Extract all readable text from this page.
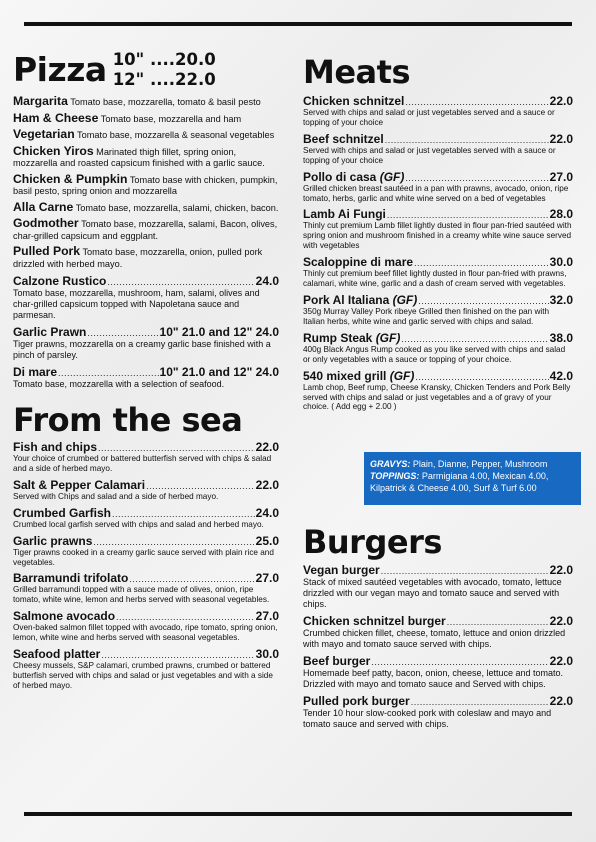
Pizza 10" ....20.0
12" ....22.0
Margarita Tomato base, mozzarella, tomato & basil pesto
Ham & Cheese Tomato base, mozzarella and ham
Vegetarian Tomato base, mozzarella & seasonal vegetables
Chicken Yiros Marinated thigh fillet, spring onion, mozzarella and roasted capsicum finished with a garlic sauce.
Chicken & Pumpkin Tomato base with chicken, pumpkin, basil pesto, spring onion and mozzarella
Alla Carne Tomato base, mozzarella, salami, chicken, bacon.
Godmother Tomato base, mozzarella, salami, Bacon, olives, char-grilled capsicum and eggplant.
Pulled Pork Tomato base, mozzarella, onion, pulled pork drizzled with herbed mayo.
Calzone Rustico .....	24.0
Tomato base, mozzarella, mushroom, ham, salami, olives and char-grilled capsicum topped with Napoletana sauce and parmesan.
Garlic Prawn .....	10" 21.0 and 12" 24.0
Tiger prawns, mozzarella on a creamy garlic base finished with a pinch of parsley.
Di mare .....	10" 21.0 and 12" 24.0
Tomato base, mozzarella with a selection of seafood.
From the sea
Fish and chips .....	22.0
Your choice of crumbed or battered butterfish served with chips & salad and a side of herbed mayo.
Salt & Pepper Calamari .....	22.0
Served with Chips and salad and a side of herbed mayo.
Crumbed Garfish .....	24.0
Crumbed local garfish served with chips and salad and herbed mayo.
Garlic prawns .....	25.0
Tiger prawns cooked in a creamy garlic sauce served with plain rice and vegetables.
Barramundi trifolato .....	27.0
Grilled barramundi topped with a sauce made of olives, onion, ripe tomato, white wine, lemon and herbs served with seasonal vegetables.
Salmone avocado .....	27.0
Oven-baked salmon fillet topped with avocado, ripe tomato, spring onion, lemon, white wine and herbs served with seasonal vegetables.
Seafood platter .....	30.0
Cheesy mussels, S&P calamari, crumbed prawns, crumbed or battered butterfish served with chips and salad or just vegetables and with a side of herbed mayo.
Meats
Chicken schnitzel .....	22.0
Served with chips and salad or just vegetables served and a sauce or topping of your choice
Beef schnitzel .....	22.0
Served with chips and salad or just vegetables served with a sauce or topping of your choice
Pollo di casa (GF) .....	27.0
Grilled chicken breast sautéed in a pan with prawns, avocado, onion, ripe tomato, herbs, garlic and white wine served on a bed of vegetables
Lamb Ai Fungi .....	28.0
Thinly cut premium Lamb fillet lightly dusted in flour pan-fried sautéed with spring onion and mushroom finished in a creamy white wine sauce served with vegetables
Scaloppine di mare .....	30.0
Thinly cut premium beef fillet lightly dusted in flour pan-fried with prawns, calamari, white wine, garlic and a dash of cream served with vegetables.
Pork Al Italiana (GF) .....	32.0
350g Murray Valley Pork ribeye Grilled then finished on the pan with Italian herbs, white wine and garlic served with chips and salad.
Rump Steak (GF) .....	38.0
400g Black Angus Rump cooked as you like served with chips and salad or only vegetables with a sauce or topping of your choice.
540 mixed grill (GF) .....	42.0
Lamb chop, Beef rump, Cheese Kransky, Chicken Tenders and Pork Belly served with chips and salad or just vegetables and a of gravy of your choice. ( Add egg + 2.00 )
Burgers
Vegan burger .....	22.0
Stack of mixed sautéed vegetables with avocado, tomato, lettuce drizzled with our vegan mayo and tomato sauce and served with chips.
Chicken schnitzel burger .....	22.0
Crumbed chicken fillet, cheese, tomato, lettuce and onion drizzled with mayo and tomato sauce served with chips.
Beef burger .....	22.0
Homemade beef patty, bacon, onion, cheese, lettuce and tomato. Drizzled with mayo and tomato sauce and Served with chips.
Pulled pork burger .....	22.0
Tender 10 hour slow-cooked pork with coleslaw and mayo and tomato sauce and served with chips.
GRAVYS: Plain, Dianne, Pepper, Mushroom
TOPPINGS: Parmigiana 4.00, Mexican 4.00, Kilpatrick & Cheese 4.00, Surf & Turf 6.00
